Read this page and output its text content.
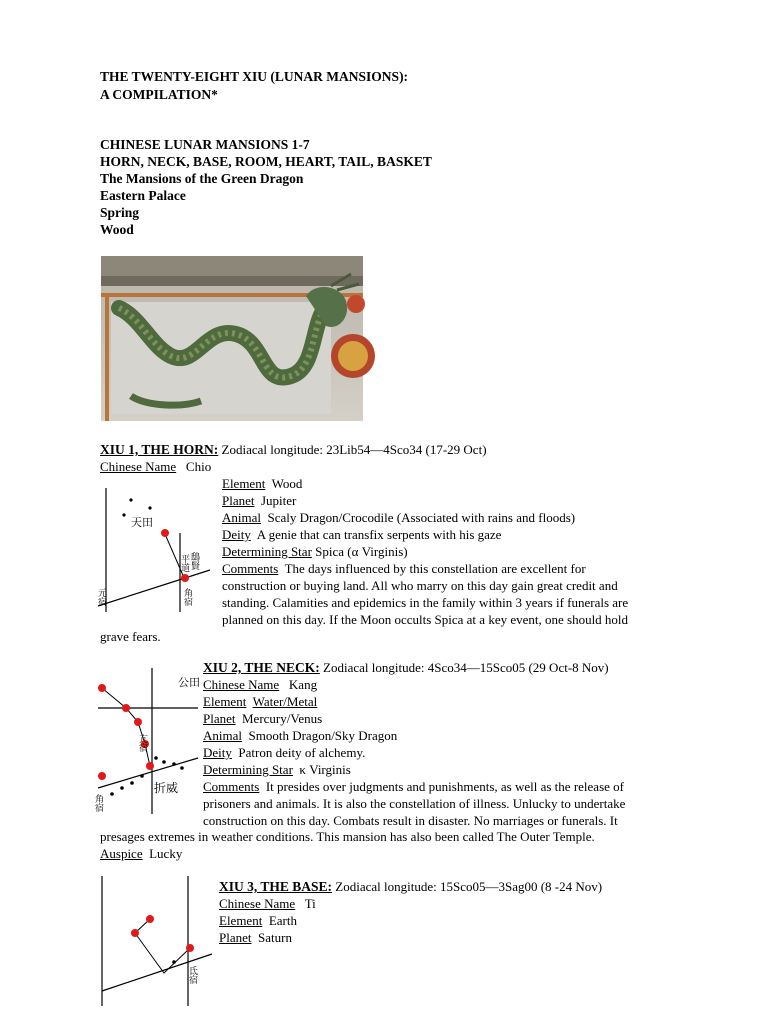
THE TWENTY-EIGHT XIU (LUNAR MANSIONS):
A COMPILATION*
CHINESE LUNAR MANSIONS 1-7
HORN, NECK, BASE, ROOM, HEART, TAIL, BASKET
The Mansions of the Green Dragon
Eastern Palace
Spring
Wood
XIU 1, THE HORN: Zodiacal longitude: 23Lib54—4Sco34 (17-29 Oct)
Chinese Name Chio
天田
鴟賢
平道
角宿
元宿
Element Wood
Planet Jupiter
Animal Scaly Dragon/Crocodile (Associated with rains and floods)
Deity A genie that can transfix serpents with his gaze
Determining Star Spica (α Virginis)
Comments The days influenced by this constellation are excellent for
construction or buying land. All who marry on this day gain great credit and
standing. Calamities and epidemics in the family within 3 years if funerals are
planned on this day. If the Moon occults Spica at a key event, one should hold
grave fears.
公田
折威
亢宿
角宿
XIU 2, THE NECK: Zodiacal longitude: 4Sco34—15Sco05 (29 Oct-8 Nov)
Chinese Name Kang
Element Water/Metal
Planet Mercury/Venus
Animal Smooth Dragon/Sky Dragon
Deity Patron deity of alchemy.
Determining Star κ Virginis
Comments It presides over judgments and punishments, as well as the release of
prisoners and animals. It is also the constellation of illness. Unlucky to undertake
construction on this day. Combats result in disaster. No marriages or funerals. It
presages extremes in weather conditions. This mansion has also been called The Outer Temple.
Auspice Lucky
氐宿
XIU 3, THE BASE: Zodiacal longitude: 15Sco05—3Sag00 (8 -24 Nov)
Chinese Name Ti
Element Earth
Planet Saturn
